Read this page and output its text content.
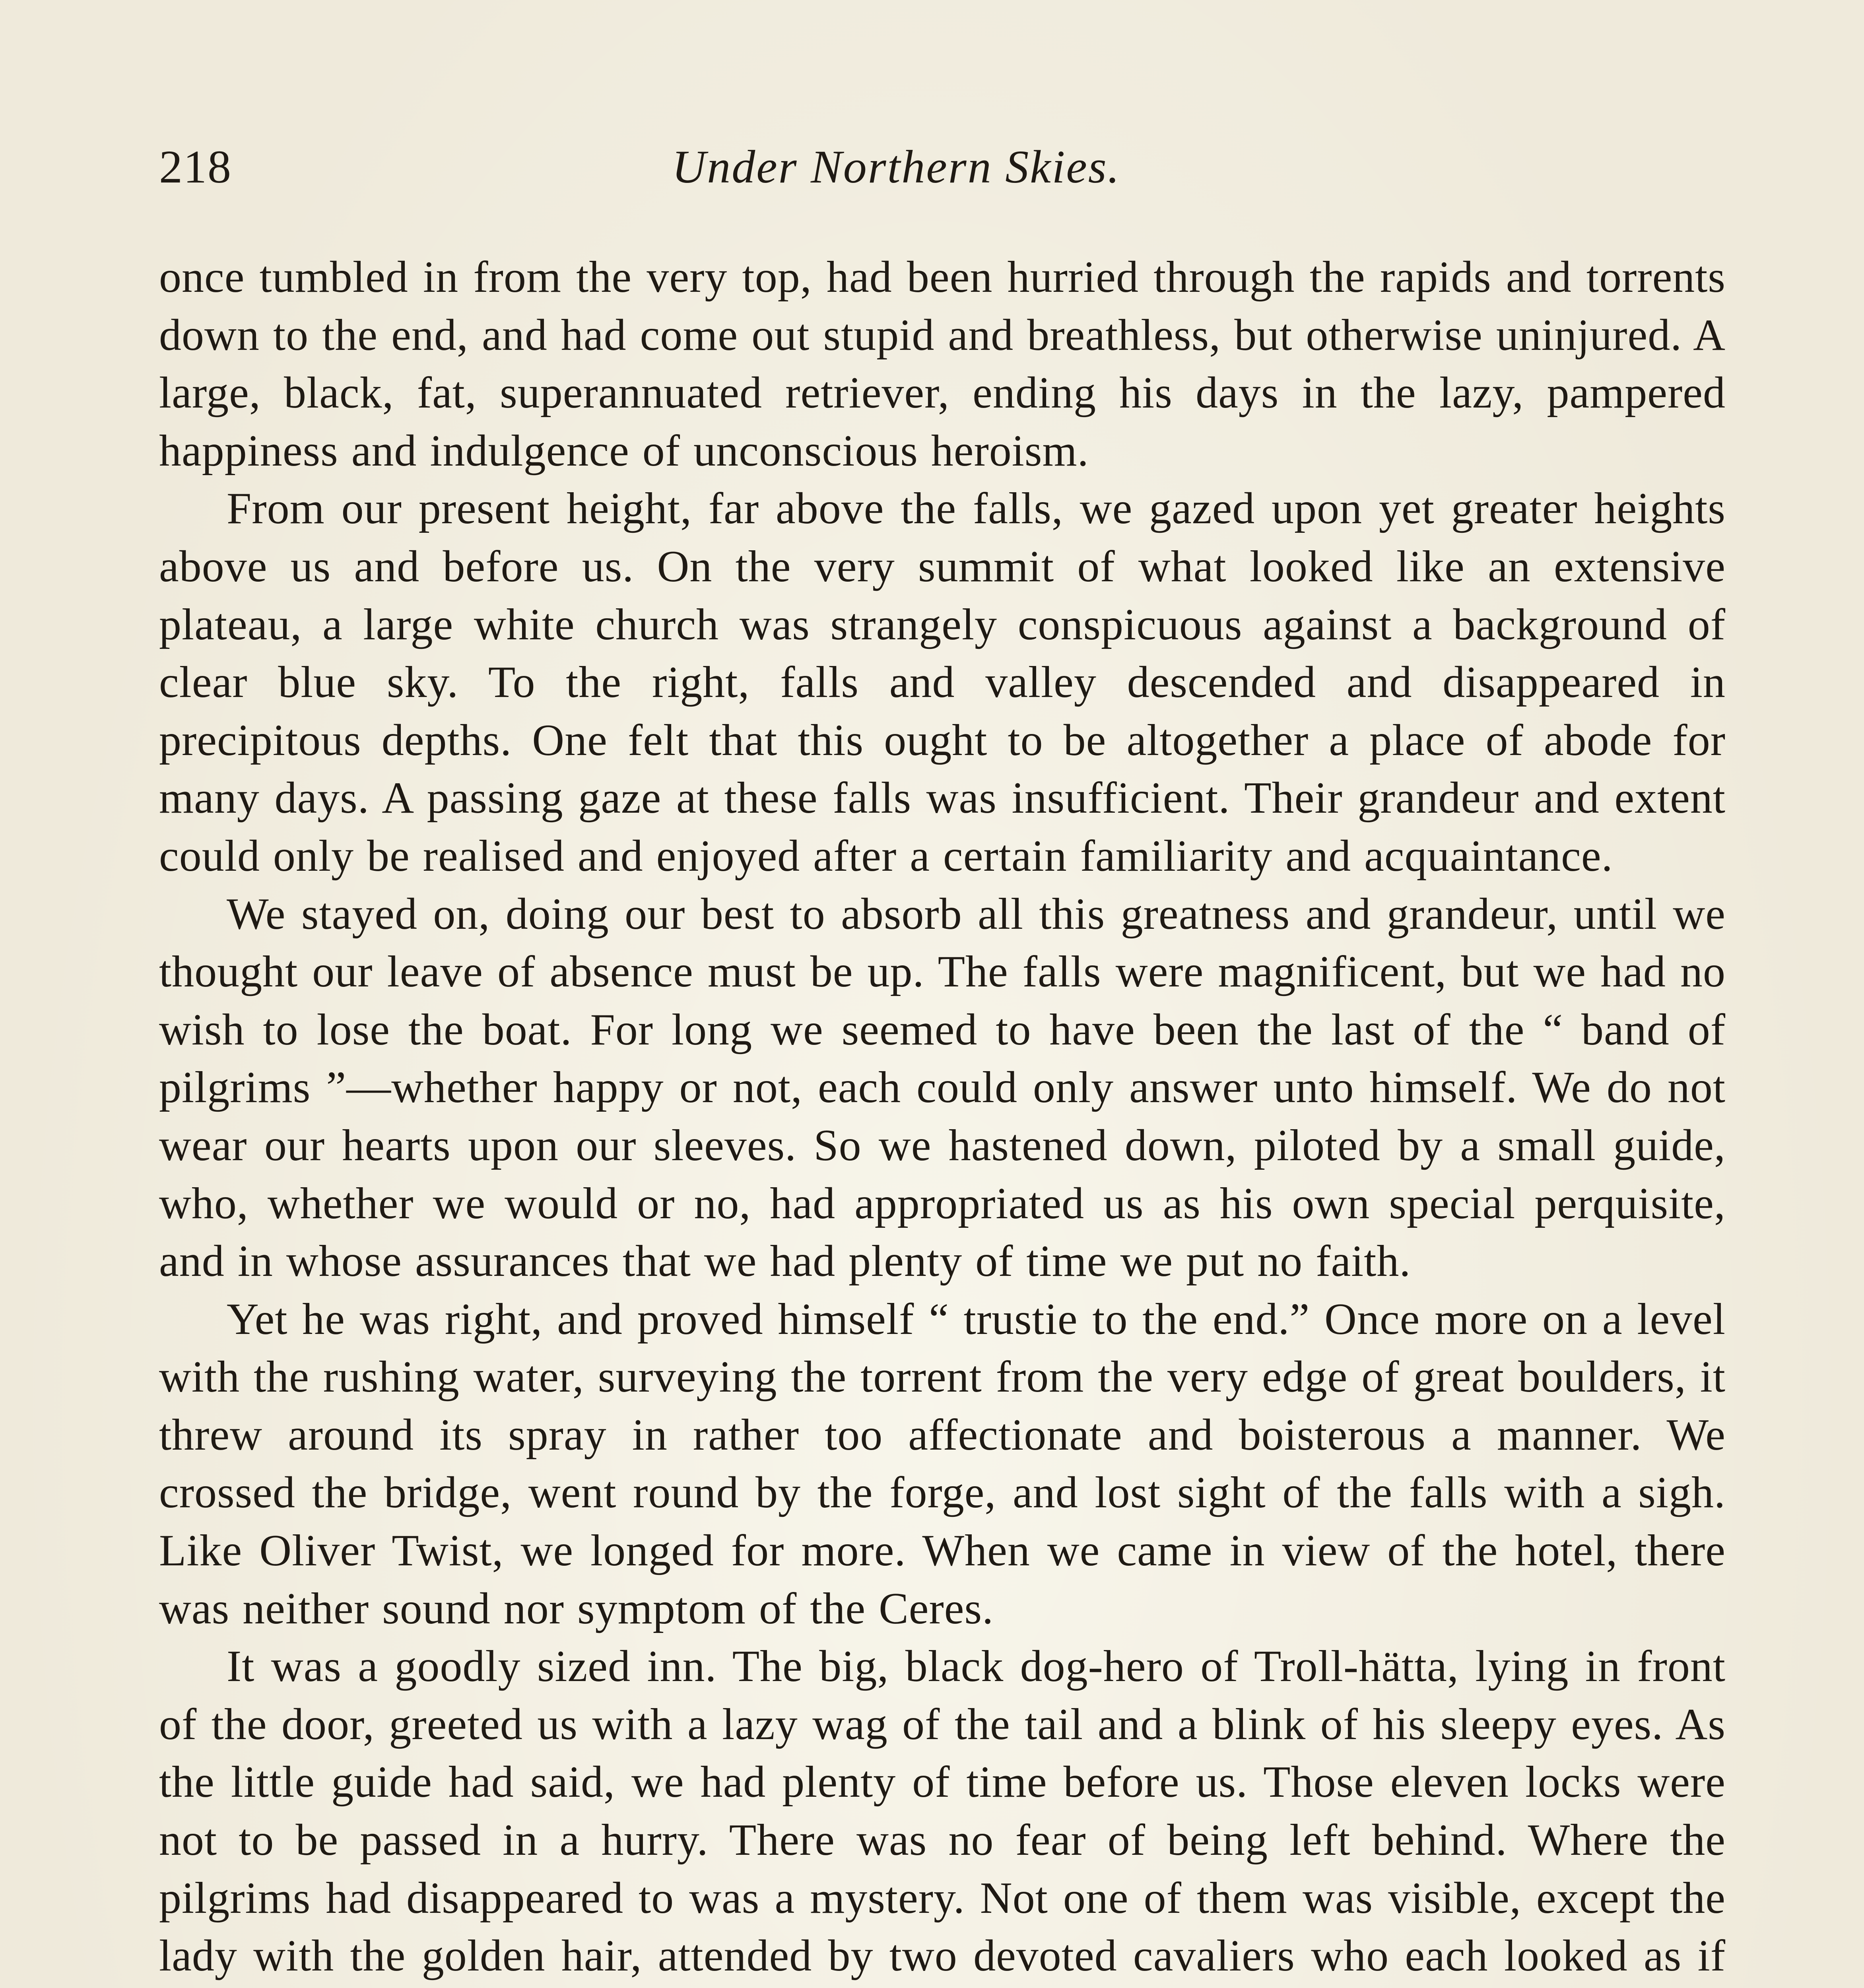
218	Under Northern Skies.

once tumbled in from the very top, had been hurried through the rapids and torrents down to the end, and had come out stupid and breathless, but otherwise uninjured. A large, black, fat, superannuated retriever, ending his days in the lazy, pampered happiness and indulgence of unconscious heroism.

From our present height, far above the falls, we gazed upon yet greater heights above us and before us. On the very summit of what looked like an extensive plateau, a large white church was strangely conspicuous against a background of clear blue sky. To the right, falls and valley descended and disappeared in precipitous depths. One felt that this ought to be altogether a place of abode for many days. A passing gaze at these falls was insufficient. Their grandeur and extent could only be realised and enjoyed after a certain familiarity and acquaintance.

We stayed on, doing our best to absorb all this greatness and grandeur, until we thought our leave of absence must be up. The falls were magnificent, but we had no wish to lose the boat. For long we seemed to have been the last of the “ band of pilgrims ”—whether happy or not, each could only answer unto himself. We do not wear our hearts upon our sleeves. So we hastened down, piloted by a small guide, who, whether we would or no, had appropriated us as his own special perquisite, and in whose assurances that we had plenty of time we put no faith.

Yet he was right, and proved himself “ trustie to the end.” Once more on a level with the rushing water, surveying the torrent from the very edge of great boulders, it threw around its spray in rather too affectionate and boisterous a manner. We crossed the bridge, went round by the forge, and lost sight of the falls with a sigh. Like Oliver Twist, we longed for more. When we came in view of the hotel, there was neither sound nor symptom of the Ceres.

It was a goodly sized inn. The big, black dog-hero of Troll-hätta, lying in front of the door, greeted us with a lazy wag of the tail and a blink of his sleepy eyes. As the little guide had said, we had plenty of time before us. Those eleven locks were not to be passed in a hurry. There was no fear of being left behind. Where the pilgrims had disappeared to was a mystery. Not one of them was visible, except the lady with the golden hair, attended by two devoted cavaliers who each looked as if
